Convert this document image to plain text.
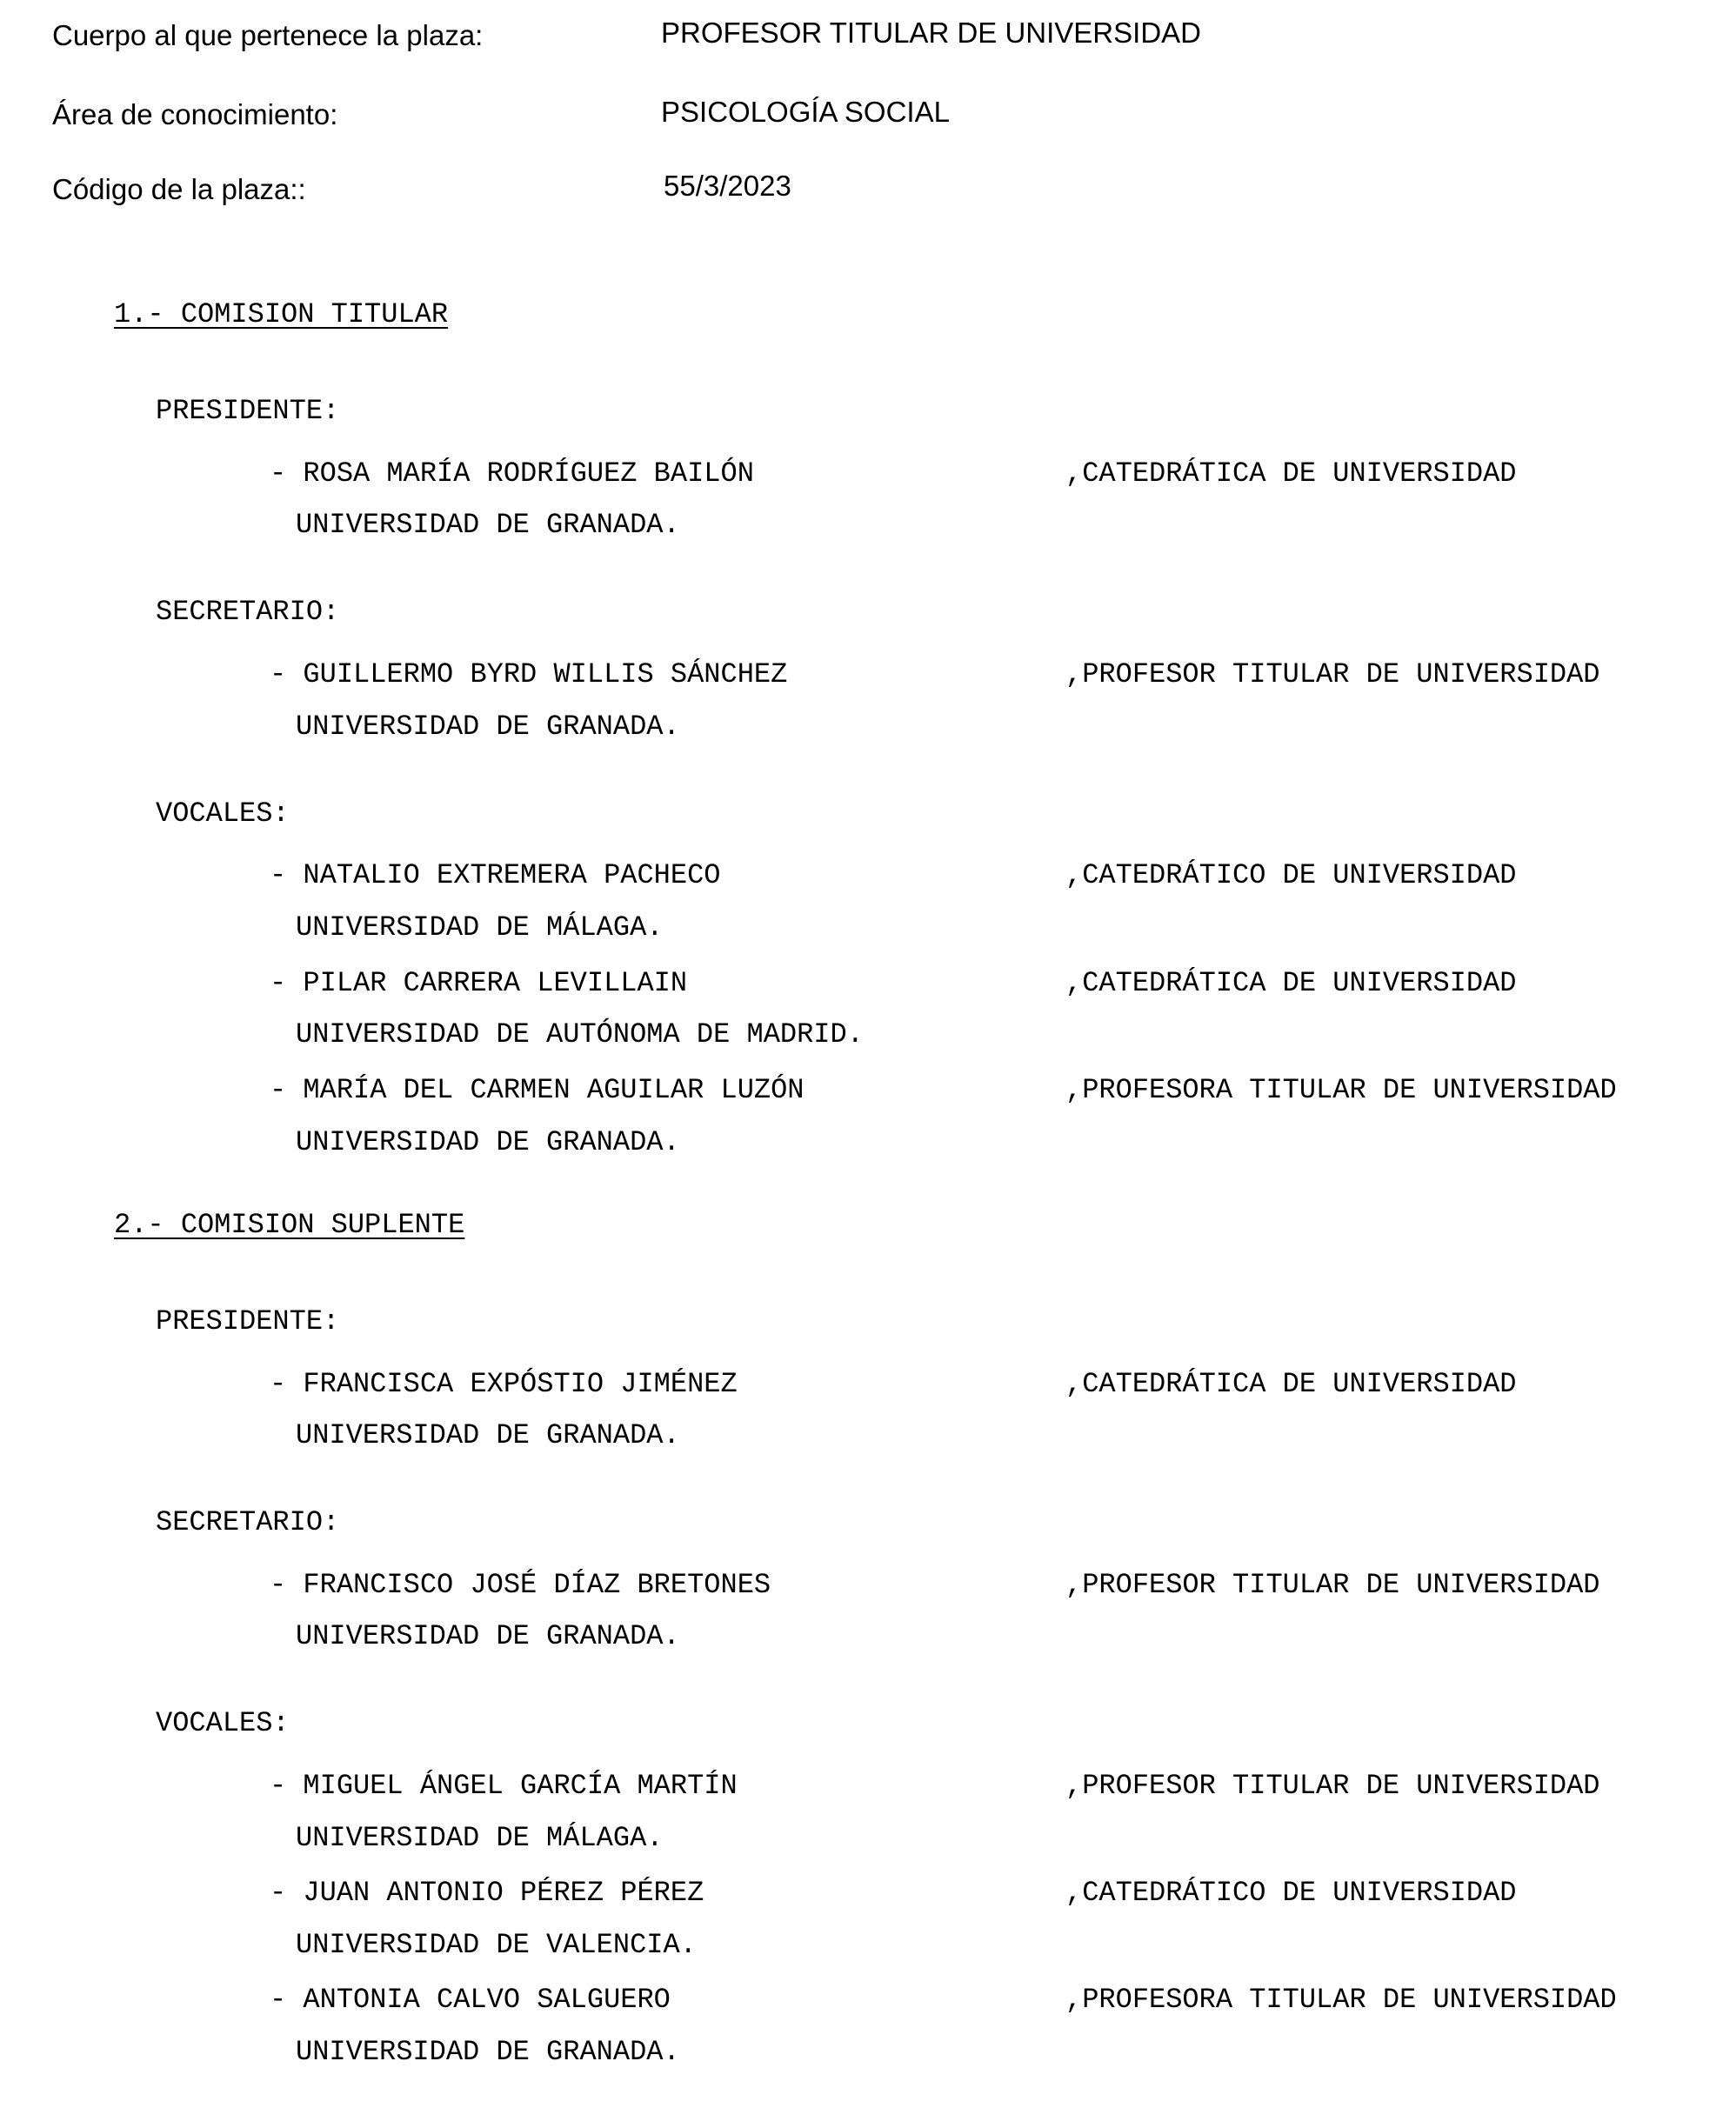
Cuerpo al que pertenece la plaza:	PROFESOR TITULAR DE UNIVERSIDAD
Área de conocimiento:	PSICOLOGÍA SOCIAL
Código de la plaza::	55/3/2023
1.- COMISION TITULAR
PRESIDENTE:
- ROSA MARÍA RODRÍGUEZ BAILÓN	,CATEDRÁTICA DE UNIVERSIDAD
UNIVERSIDAD DE GRANADA.
SECRETARIO:
- GUILLERMO BYRD WILLIS SÁNCHEZ	,PROFESOR TITULAR DE UNIVERSIDAD
UNIVERSIDAD DE GRANADA.
VOCALES:
- NATALIO EXTREMERA PACHECO	,CATEDRÁTICO DE UNIVERSIDAD
UNIVERSIDAD DE MÁLAGA.
- PILAR CARRERA LEVILLAIN	,CATEDRÁTICA DE UNIVERSIDAD
UNIVERSIDAD DE AUTÓNOMA DE MADRID.
- MARÍA DEL CARMEN AGUILAR LUZÓN	,PROFESORA TITULAR DE UNIVERSIDAD
UNIVERSIDAD DE GRANADA.
2.- COMISION SUPLENTE
PRESIDENTE:
- FRANCISCA EXPÓSTIO JIMÉNEZ	,CATEDRÁTICA DE UNIVERSIDAD
UNIVERSIDAD DE GRANADA.
SECRETARIO:
- FRANCISCO JOSÉ DÍAZ BRETONES	,PROFESOR TITULAR DE UNIVERSIDAD
UNIVERSIDAD DE GRANADA.
VOCALES:
- MIGUEL ÁNGEL GARCÍA MARTÍN	,PROFESOR TITULAR DE UNIVERSIDAD
UNIVERSIDAD DE MÁLAGA.
- JUAN ANTONIO PÉREZ PÉREZ	,CATEDRÁTICO DE UNIVERSIDAD
UNIVERSIDAD DE VALENCIA.
- ANTONIA CALVO SALGUERO	,PROFESORA TITULAR DE UNIVERSIDAD
UNIVERSIDAD DE GRANADA.
